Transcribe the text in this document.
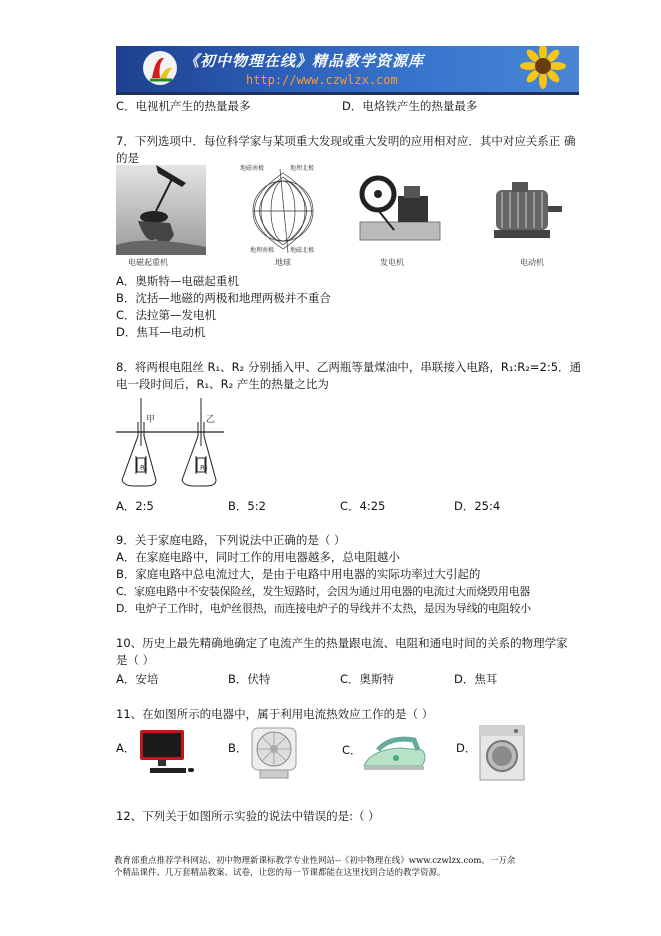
《初中物理在线》精品教学资源库
http://www.czwlzx.com
C．电视机产生的热量最多	D．电烙铁产生的热量最多
7．下列选项中．每位科学家与某项重大发现或重大发明的应用相对应．其中对应关系正 确
的是
电磁起重机
地磁南极	地理北极
地理南极	地磁北极
地球	发电机	电动机
A．奥斯特—电磁起重机
B．沈括—地磁的两极和地理两极并不重合
C．法拉第—发电机
D．焦耳—电动机
8．将两根电阻丝 R₁、R₂ 分别插入甲、乙两瓶等量煤油中，串联接入电路，R₁:R₂=2:5．通
电一段时间后，R₁、R₂ 产生的热量之比为
甲	乙
R₁	R₂
A．2:5	B．5:2	C．4:25	D．25:4
9．关于家庭电路，下列说法中正确的是（ ）
A．在家庭电路中，同时工作的用电器越多，总电阻越小
B．家庭电路中总电流过大，是由于电路中用电器的实际功率过大引起的
C．家庭电路中不安装保险丝，发生短路时，会因为通过用电器的电流过大而烧毁用电器
D．电炉子工作时，电炉丝很热，而连接电炉子的导线并不太热，是因为导线的电阻较小
10、历史上最先精确地确定了电流产生的热量跟电流、电阻和通电时间的关系的物理学家
是（ ）
A．安培	B．伏特	C．奥斯特	D．焦耳
11、在如图所示的电器中，属于利用电流热效应工作的是（ ）
A．	B．	C．	D．
12、下列关于如图所示实验的说法中错误的是:（ ）
教育部重点推荐学科网站、初中物理新课标教学专业性网站--《初中物理在线》www.czwlzx.com。一万余
个精品课件、几万套精品教案、试卷，让您的每一节课都能在这里找到合适的教学资源。
